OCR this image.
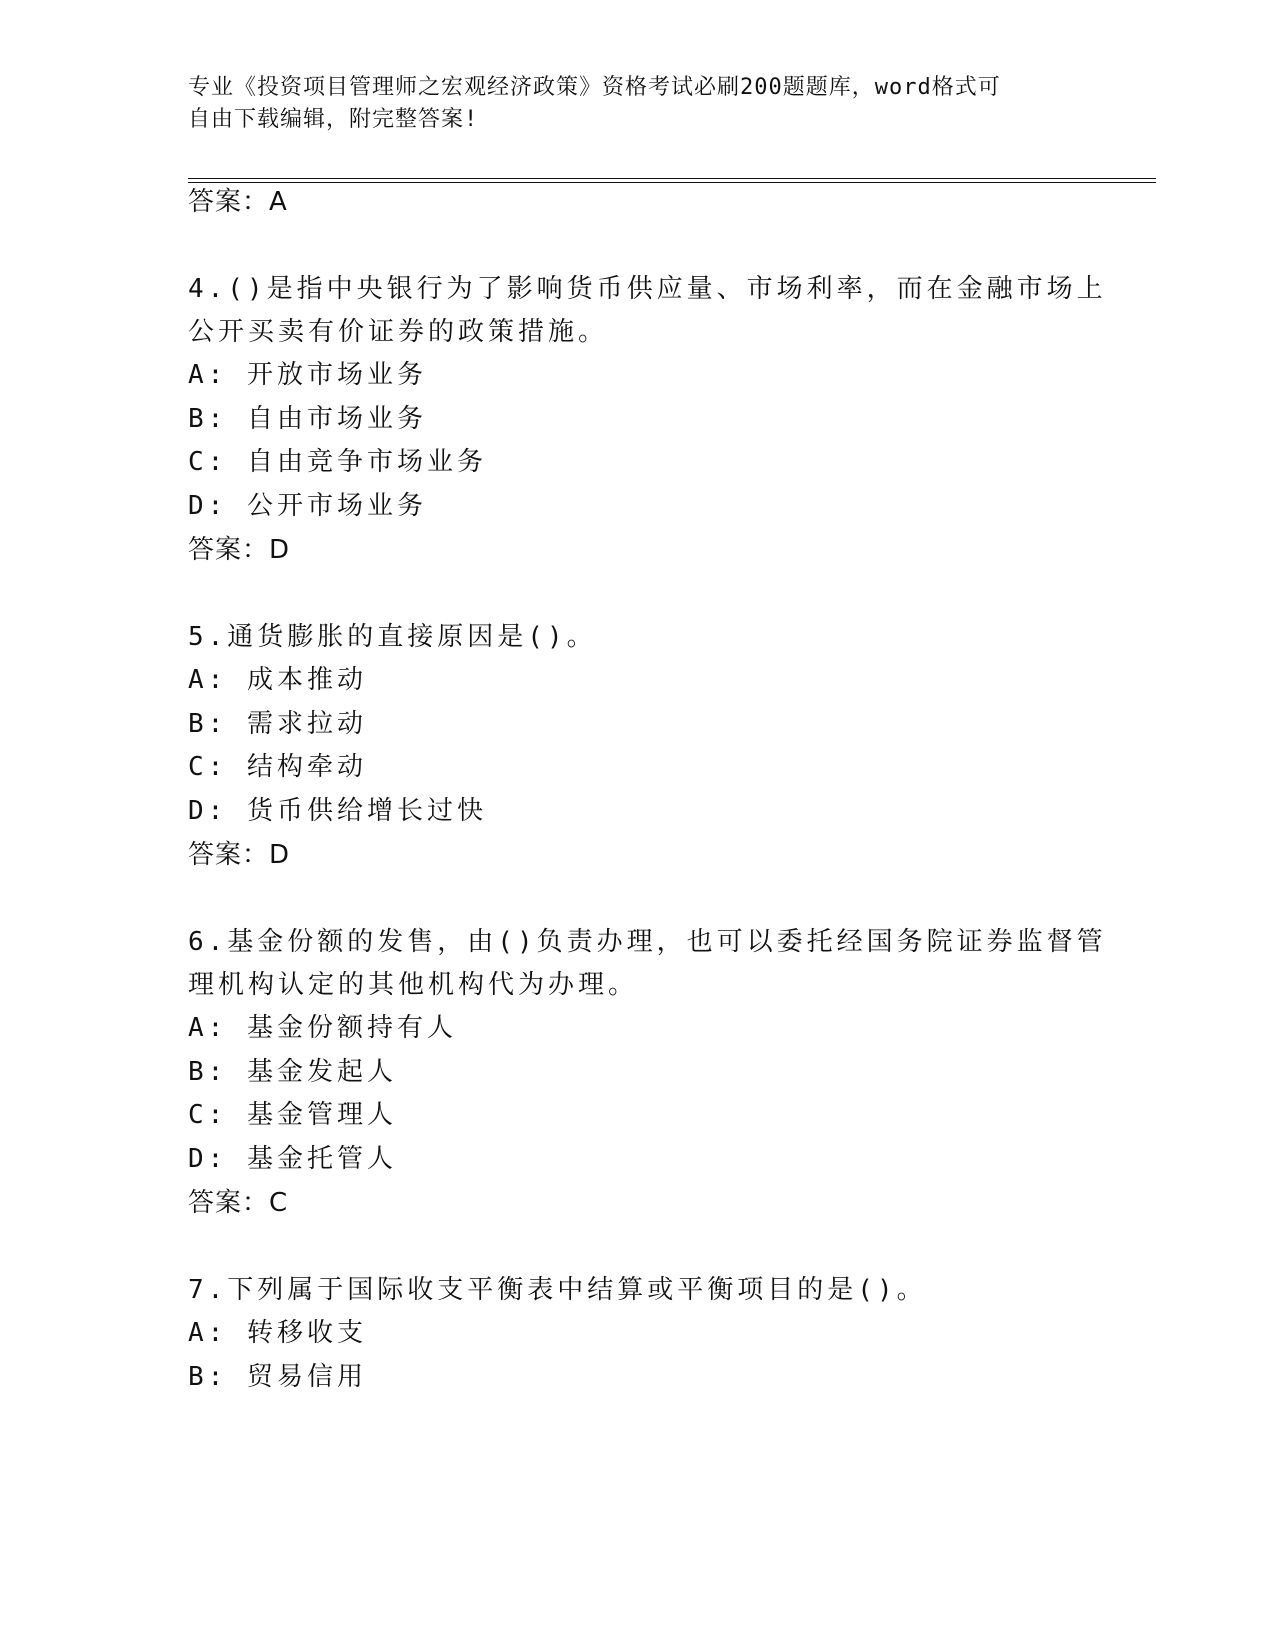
专业《投资项目管理师之宏观经济政策》资格考试必刷200题题库，word格式可
自由下载编辑，附完整答案!
答案：A
4.()是指中央银行为了影响货币供应量、市场利率，而在金融市场上
公开买卖有价证券的政策措施。
A: 开放市场业务
B: 自由市场业务
C: 自由竞争市场业务
D: 公开市场业务
答案：D
5.通货膨胀的直接原因是()。
A: 成本推动
B: 需求拉动
C: 结构牵动
D: 货币供给增长过快
答案：D
6.基金份额的发售，由()负责办理，也可以委托经国务院证券监督管
理机构认定的其他机构代为办理。
A: 基金份额持有人
B: 基金发起人
C: 基金管理人
D: 基金托管人
答案：C
7.下列属于国际收支平衡表中结算或平衡项目的是()。
A: 转移收支
B: 贸易信用
